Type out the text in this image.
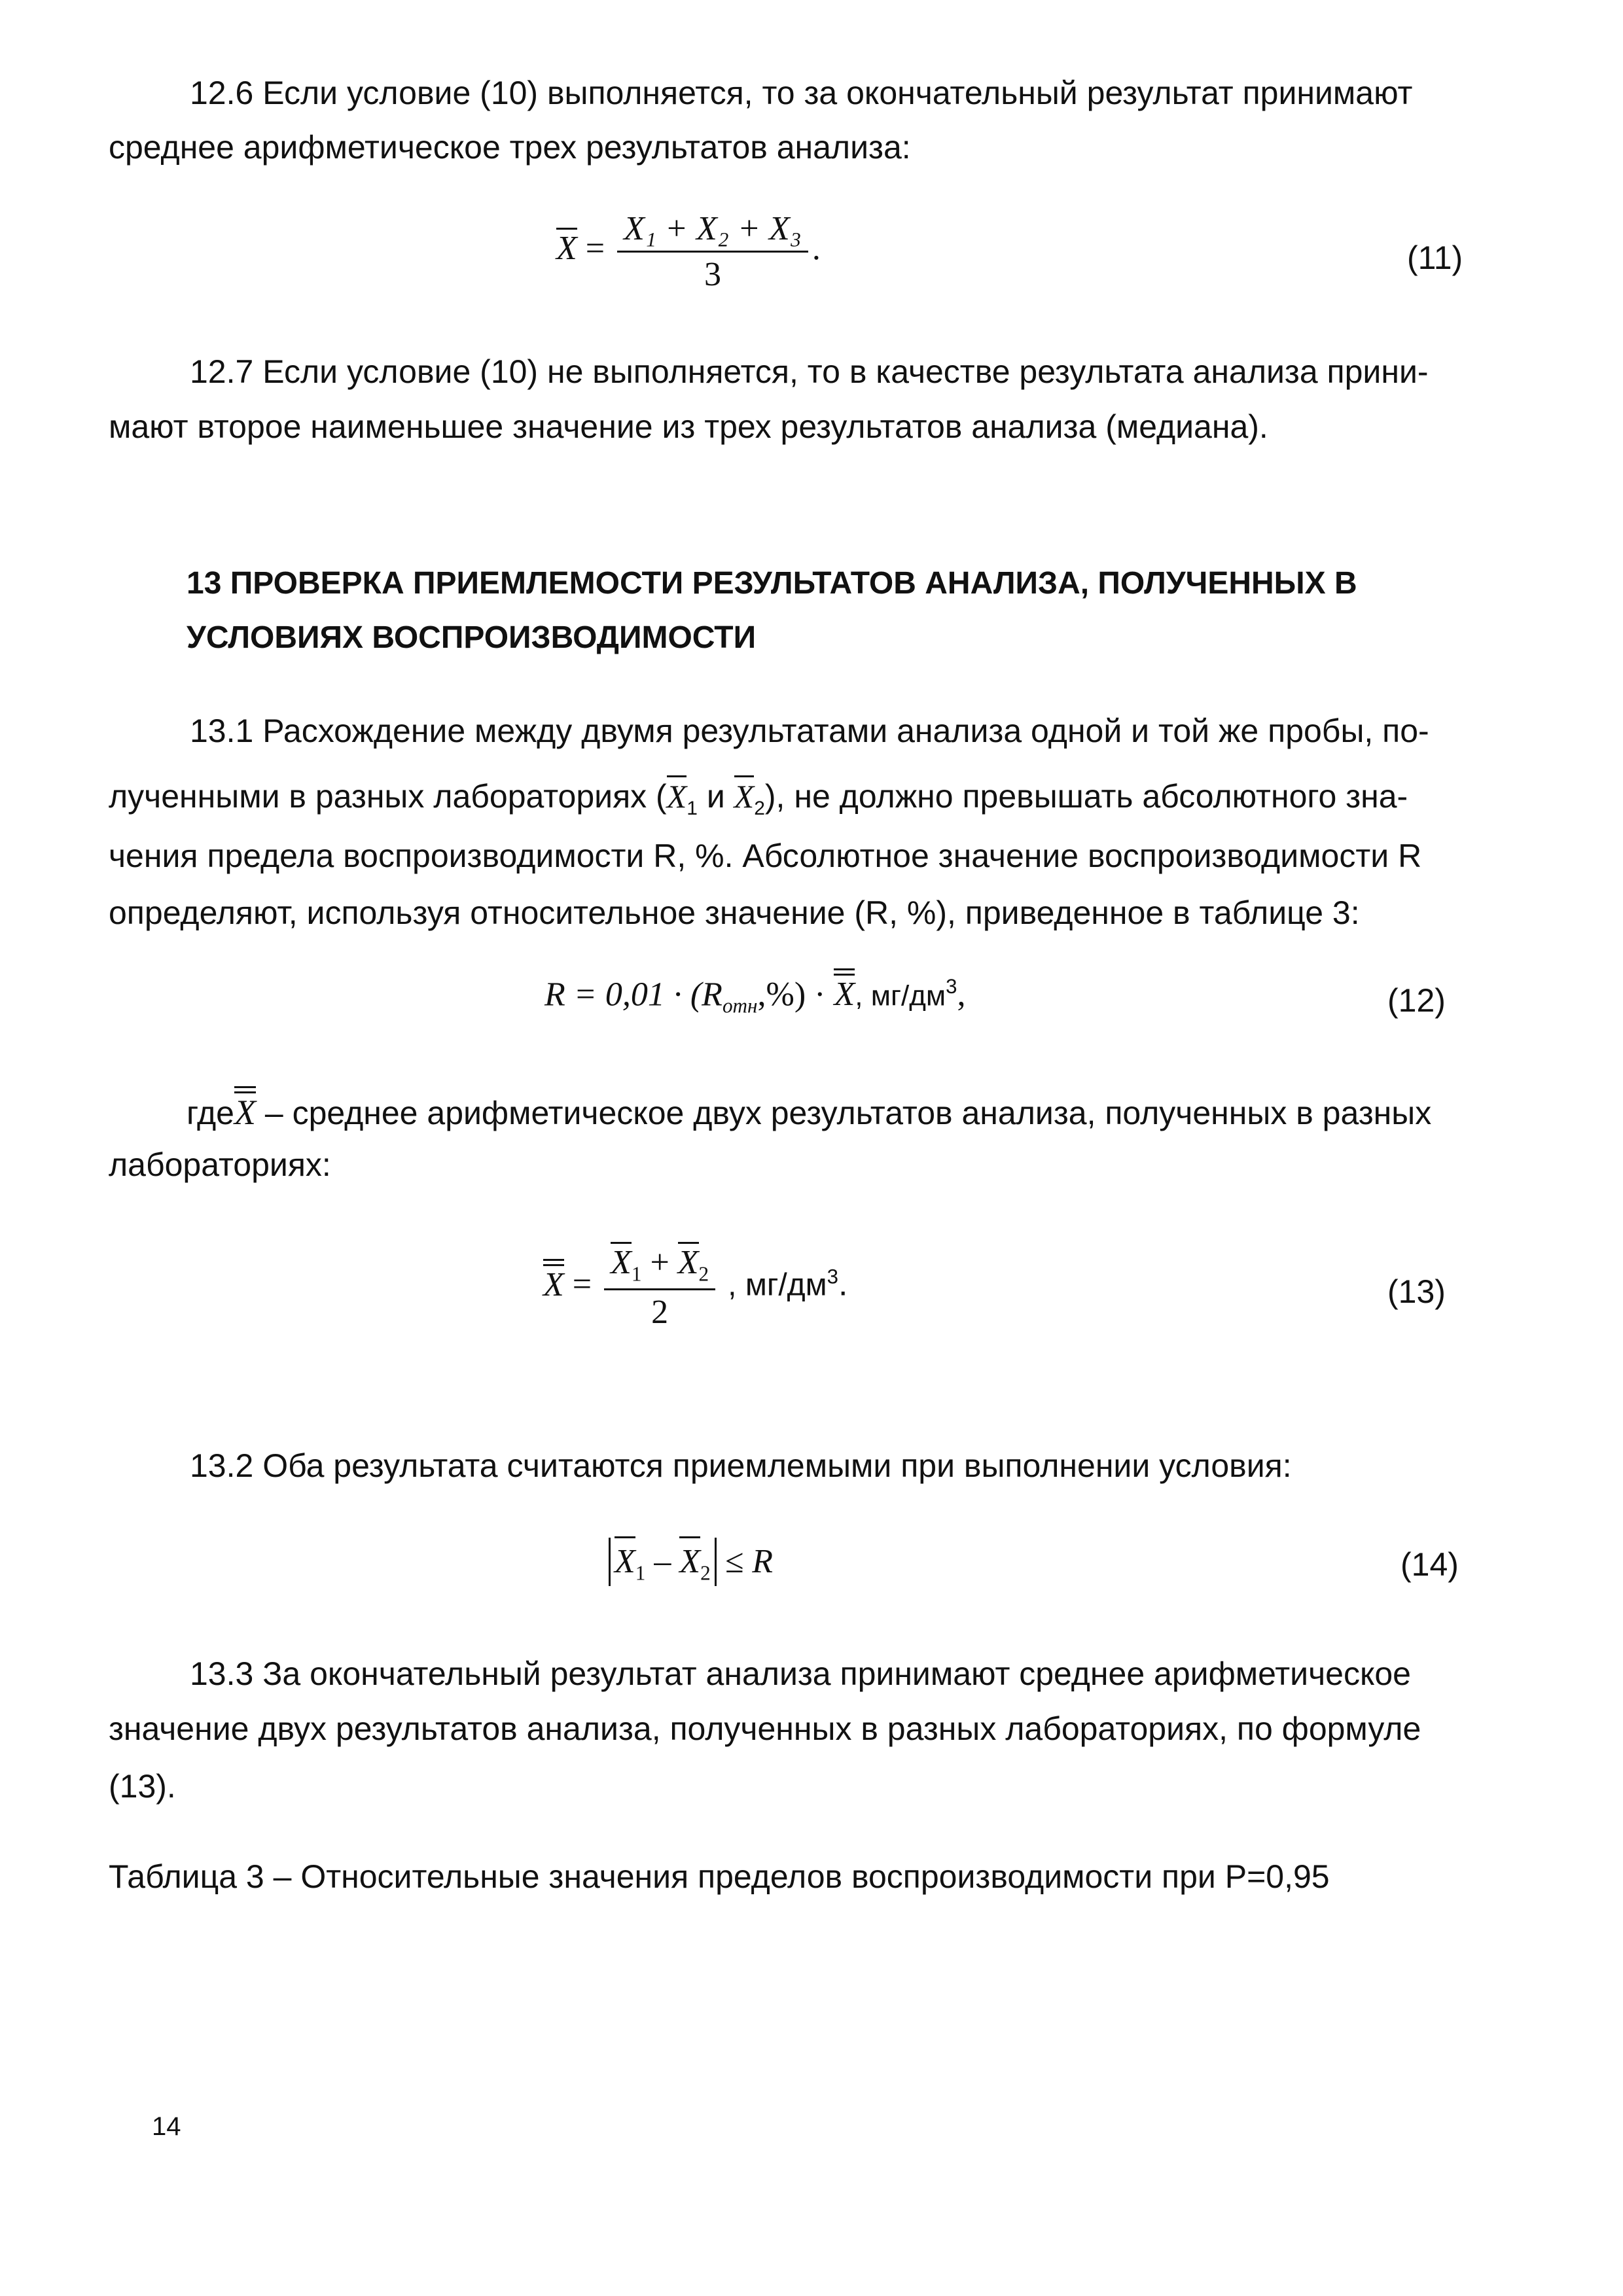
12.6 Если условие (10) выполняется, то за окончательный результат принимают
среднее арифметическое трех результатов анализа:
$X = \frac{\text{X₁ + X₂ + X₃}}{3}$ .	(11)
12.7 Если условие (10) не выполняется, то в качестве результата анализа прини-
мают второе наименьшее значение из трех результатов анализа (медиана).
13 ПРОВЕРКА ПРИЕМЛЕМОСТИ РЕЗУЛЬТАТОВ АНАЛИЗА, ПОЛУЧЕННЫХ В
УСЛОВИЯХ ВОСПРОИЗВОДИМОСТИ
13.1 Расхождение между двумя результатами анализа одной и той же пробы, по-
лученными в разных лабораториях ($X_1$ и $X_2$), не должно превышать абсолютного зна-
чения предела воспроизводимости R, %. Абсолютное значение воспроизводимости R
определяют, используя относительное значение (R, %), приведенное в таблице 3:
$R = 0,01 \cdot (R_{отн},\%) \cdot X$, $мг/дм^3$,	(12)
гдеX – среднее арифметическое двух результатов анализа, полученных в разных
лабораториях:
$X = \frac{X_1 + X_2}{2}$ , $мг/дм^3$.	(13)
13.2 Оба результата считаются приемлемыми при выполнении условия:
$X_1 - X_2 \le R$	(14)
13.3 За окончательный результат анализа принимают среднее арифметическое
значение двух результатов анализа, полученных в разных лабораториях, по формуле
(13).
Таблица 3 – Относительные значения пределов воспроизводимости при P=0,95
14
